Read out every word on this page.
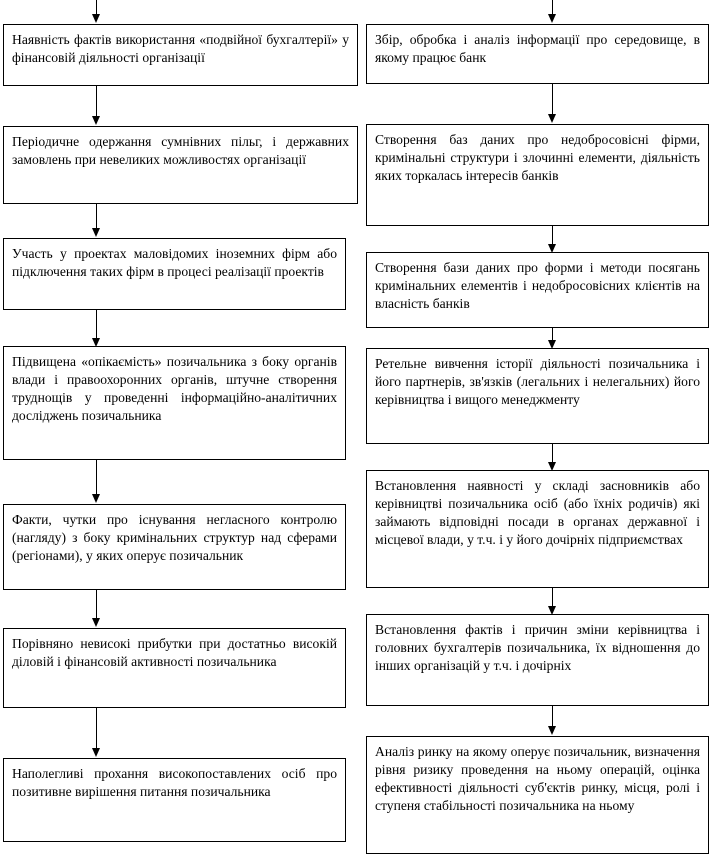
Наявність фактів використання «подвійної бухгалтерії» у фінансовій діяльності організації
Періодичне одержання сумнівних пільг, і державних замовлень при невеликих можливостях організації
Участь у проектах маловідомих іноземних фірм або підключення таких фірм в процесі реалізації проектів
Підвищена «опікаємість» позичальника з боку органів влади і правоохоронних органів, штучне створення труднощів у проведенні інформаційно-аналітичних досліджень позичальника
Факти, чутки про існування негласного контролю (нагляду) з боку кримінальних структур над сферами (регіонами), у яких оперує позичальник
Порівняно невисокі прибутки при достатньо високій діловій і фінансовій активності позичальника
Наполегливі прохання високопоставлених осіб про позитивне вирішення питання позичальника
Збір, обробка і аналіз інформації про середовище, в якому працює банк
Створення баз даних про недобросовісні фірми, кримінальні структури і злочинні елементи, діяльність яких торкалась інтересів банків
Створення бази даних про форми і методи посягань кримінальних елементів і недобросовісних клієнтів на власність банків
Ретельне вивчення історії діяльності позичальника і його партнерів, зв'язків (легальних і нелегальних) його керівництва і вищого менеджменту
Встановлення наявності у складі засновників або керівництві позичальника осіб (або їхніх родичів) які займають відповідні посади в органах державної і місцевої влади, у т.ч. і у його дочірніх підприємствах
Встановлення фактів і причин зміни керівництва і головних бухгалтерів позичальника, їх відношення до інших організацій у т.ч. і дочірніх
Аналіз ринку на якому оперує позичальник, визначення рівня ризику проведення на ньому операцій, оцінка ефективності діяльності суб'єктів ринку, місця, ролі і ступеня стабільності позичальника на ньому
